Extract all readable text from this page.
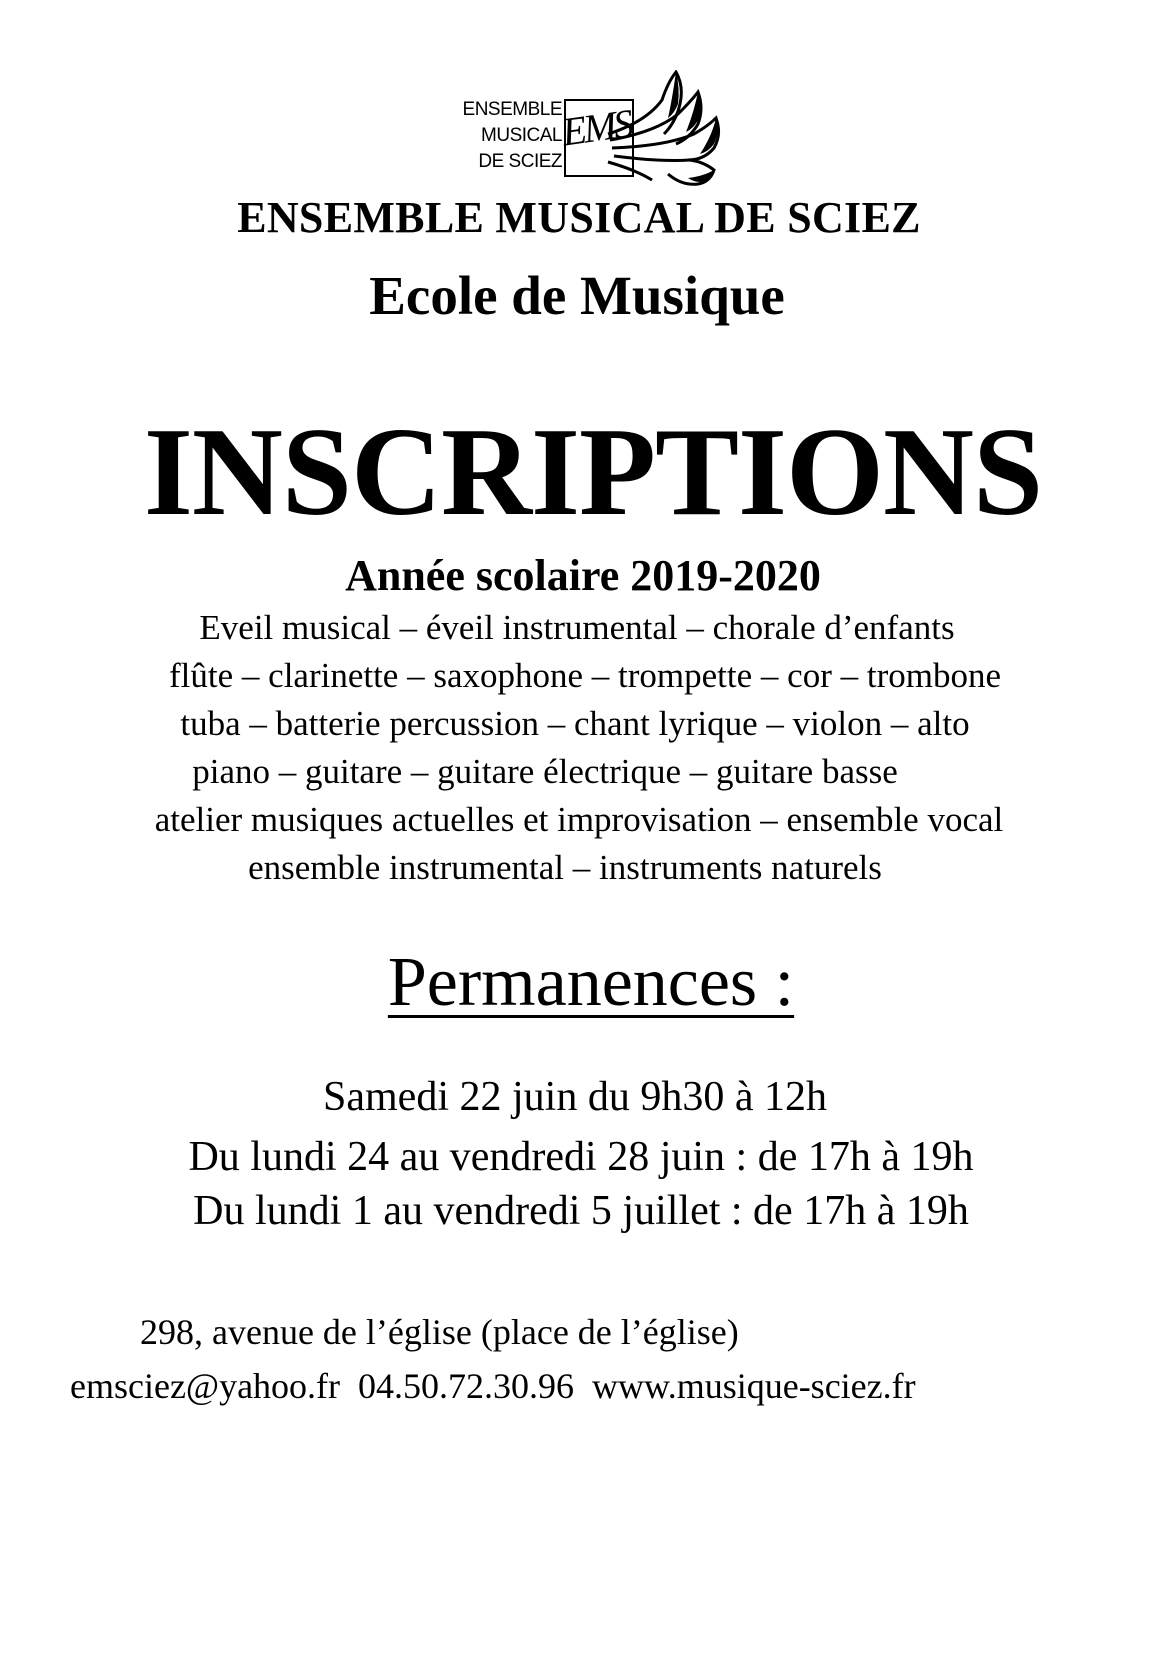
ENSEMBLE
MUSICAL
DE SCIEZ
EMS
ENSEMBLE MUSICAL DE SCIEZ
Ecole de Musique
INSCRIPTIONS
Année scolaire 2019-2020
Eveil musical – éveil instrumental – chorale d’enfants
flûte – clarinette – saxophone – trompette – cor – trombone
tuba – batterie percussion – chant lyrique – violon – alto
piano – guitare – guitare électrique – guitare basse
atelier musiques actuelles et improvisation – ensemble vocal
ensemble instrumental – instruments naturels
Permanences :
Samedi 22 juin du 9h30 à 12h
Du lundi 24 au vendredi 28 juin : de 17h à 19h
Du lundi 1 au vendredi 5 juillet : de 17h à 19h
298, avenue de l’église (place de l’église)
emsciez@yahoo.fr 04.50.72.30.96 www.musique-sciez.fr
